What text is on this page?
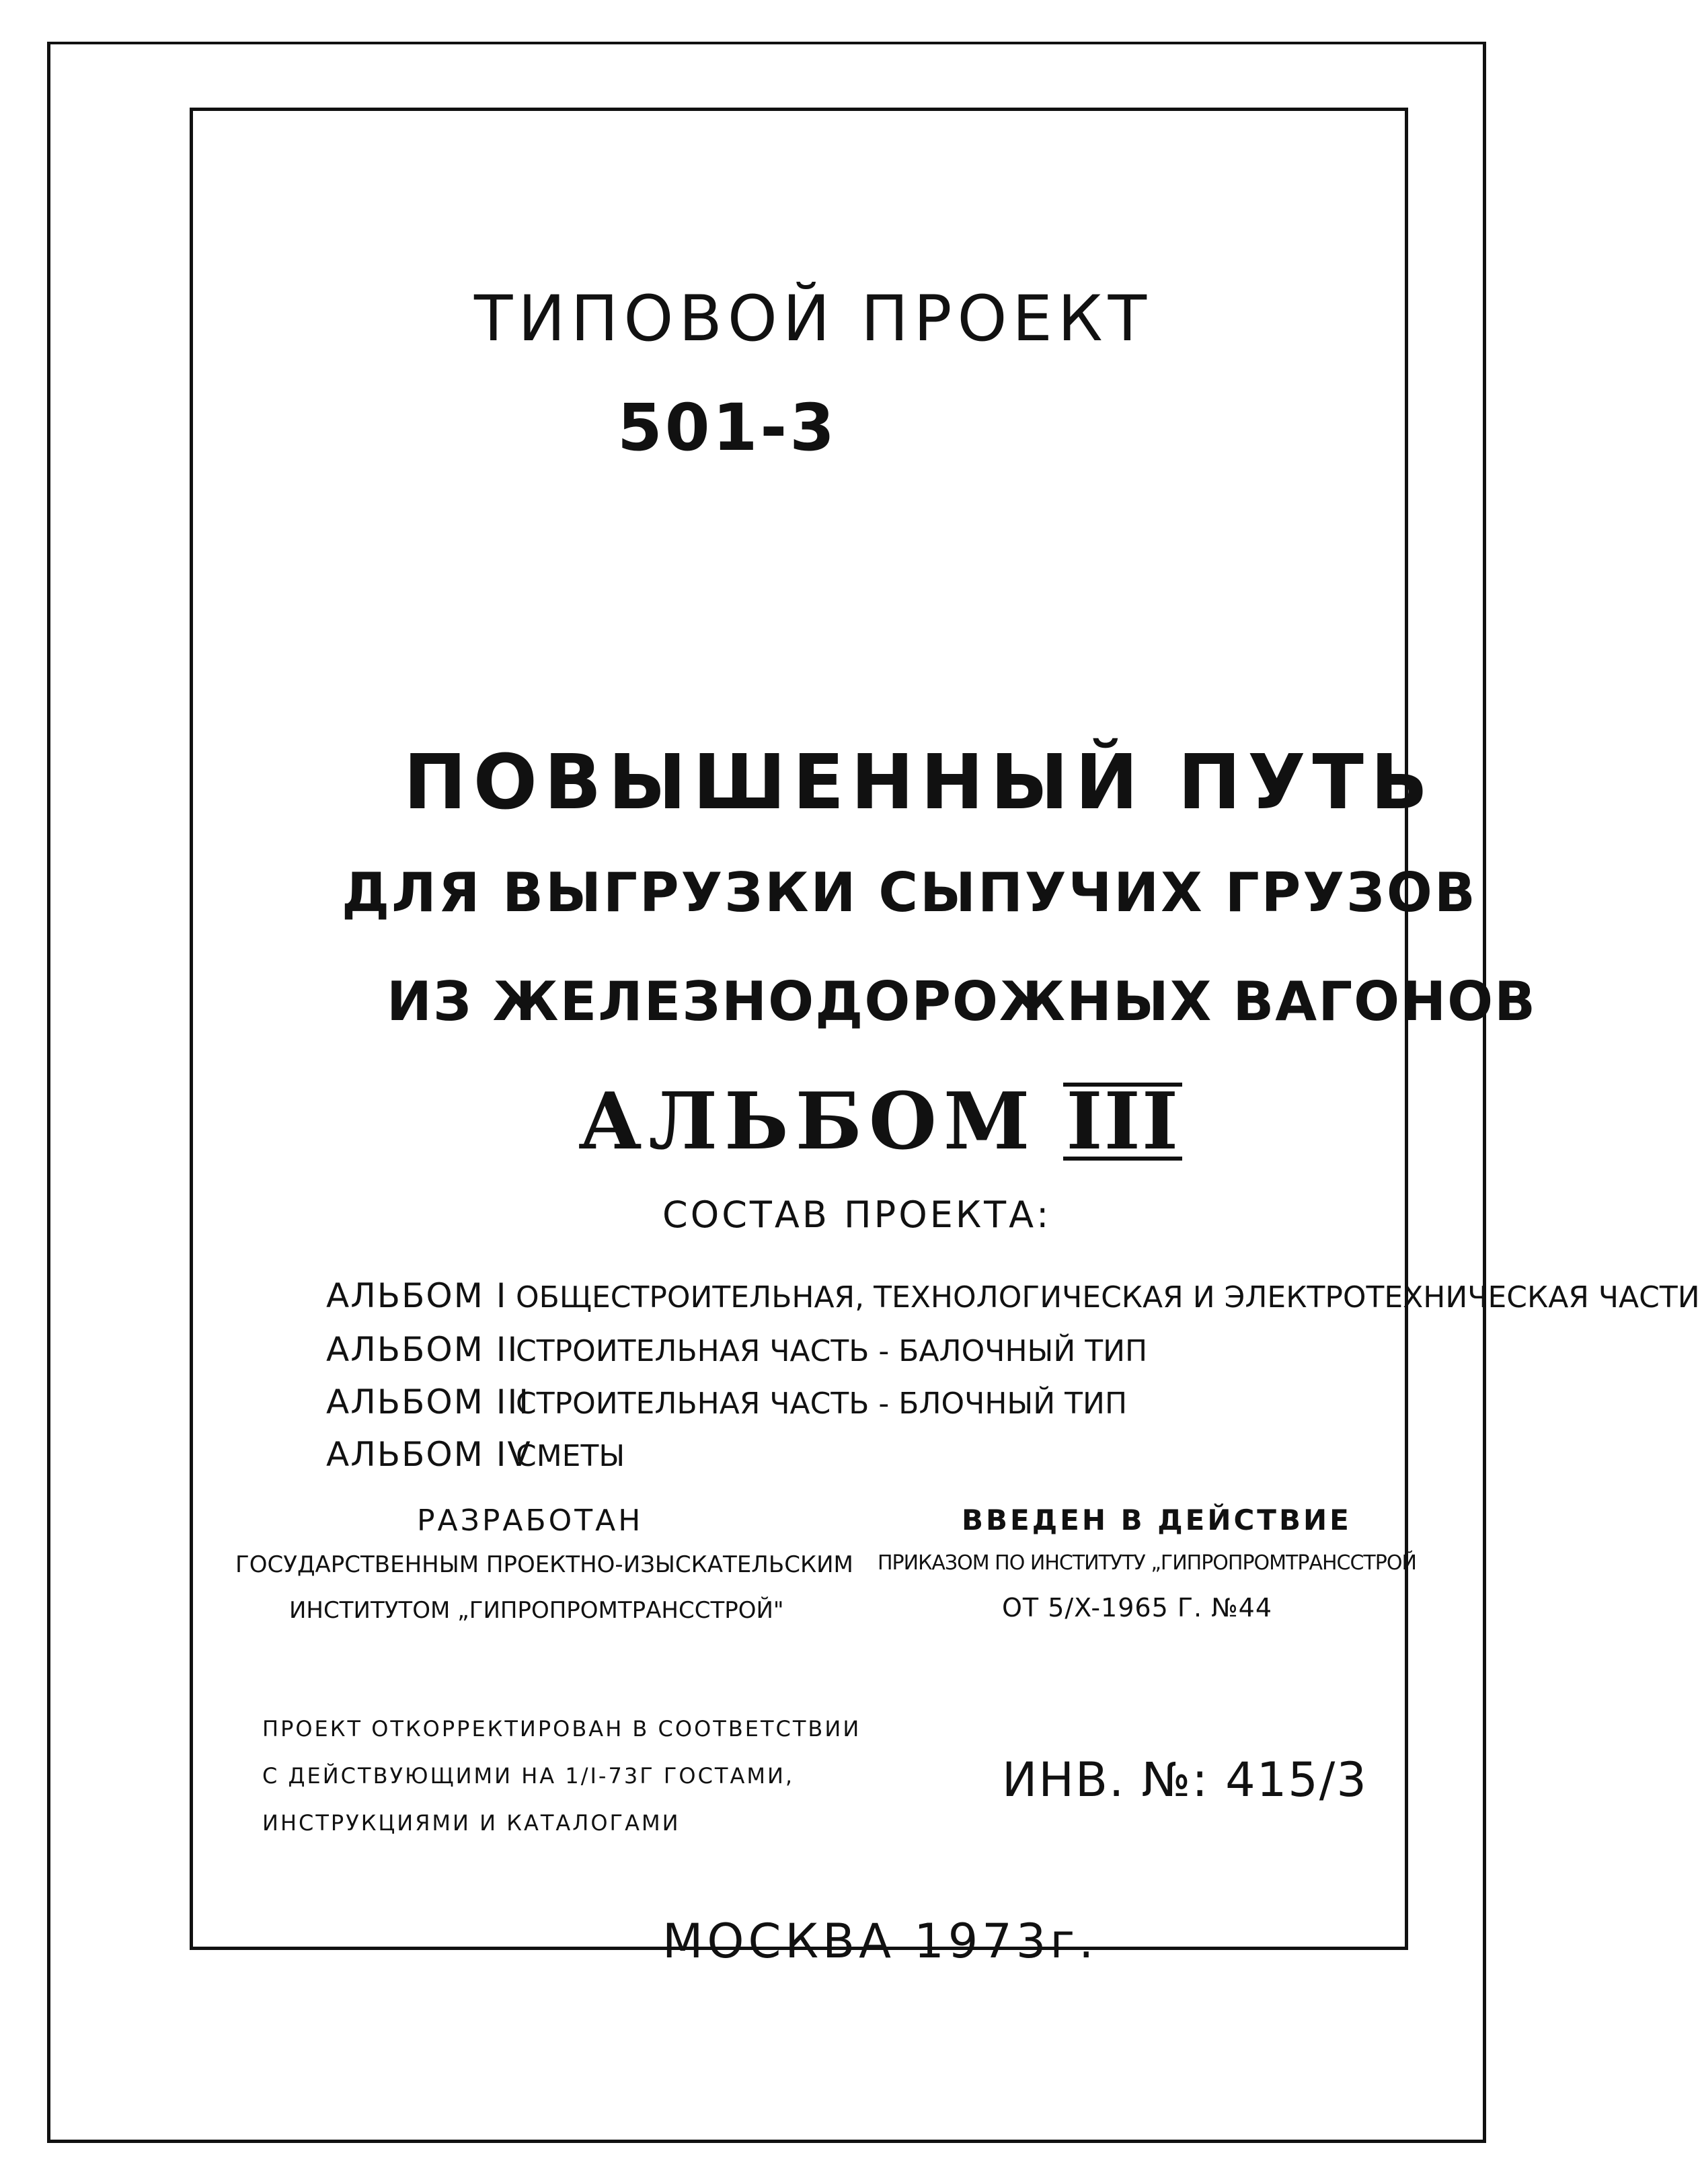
ТИПОВОЙ ПРОЕКТ
501-3
ПОВЫШЕННЫЙ ПУТЬ
ДЛЯ ВЫГРУЗКИ СЫПУЧИХ ГРУЗОВ
ИЗ ЖЕЛЕЗНОДОРОЖНЫХ ВАГОНОВ
АЛЬБОМ III
СОСТАВ ПРОЕКТА:
АЛЬБОМ I ОБЩЕСТРОИТЕЛЬНАЯ, ТЕХНОЛОГИЧЕСКАЯ И ЭЛЕКТРОТЕХНИЧЕСКАЯ ЧАСТИ
АЛЬБОМ IIСТРОИТЕЛЬНАЯ ЧАСТЬ - БАЛОЧНЫЙ ТИП
АЛЬБОМ IIIСТРОИТЕЛЬНАЯ ЧАСТЬ - БЛОЧНЫЙ ТИП
АЛЬБОМ IVСМЕТЫ
РАЗРАБОТАН
ГОСУДАРСТВЕННЫМ ПРОЕКТНО-ИЗЫСКАТЕЛЬСКИМ
ИНСТИТУТОМ „ГИПРОПРОМТРАНССТРОЙ"
ВВЕДЕН В ДЕЙСТВИЕ
ПРИКАЗОМ ПО ИНСТИТУТУ „ГИПРОПРОМТРАНССТРОЙ
ОТ 5/X-1965 Г. №44
ПРОЕКТ ОТКОРРЕКТИРОВАН В СООТВЕТСТВИИ
С ДЕЙСТВУЮЩИМИ НА 1/I-73Г ГОСТАМИ,
ИНСТРУКЦИЯМИ И КАТАЛОГАМИ
ИНВ. №: 415/3
МОСКВА 1973г.
